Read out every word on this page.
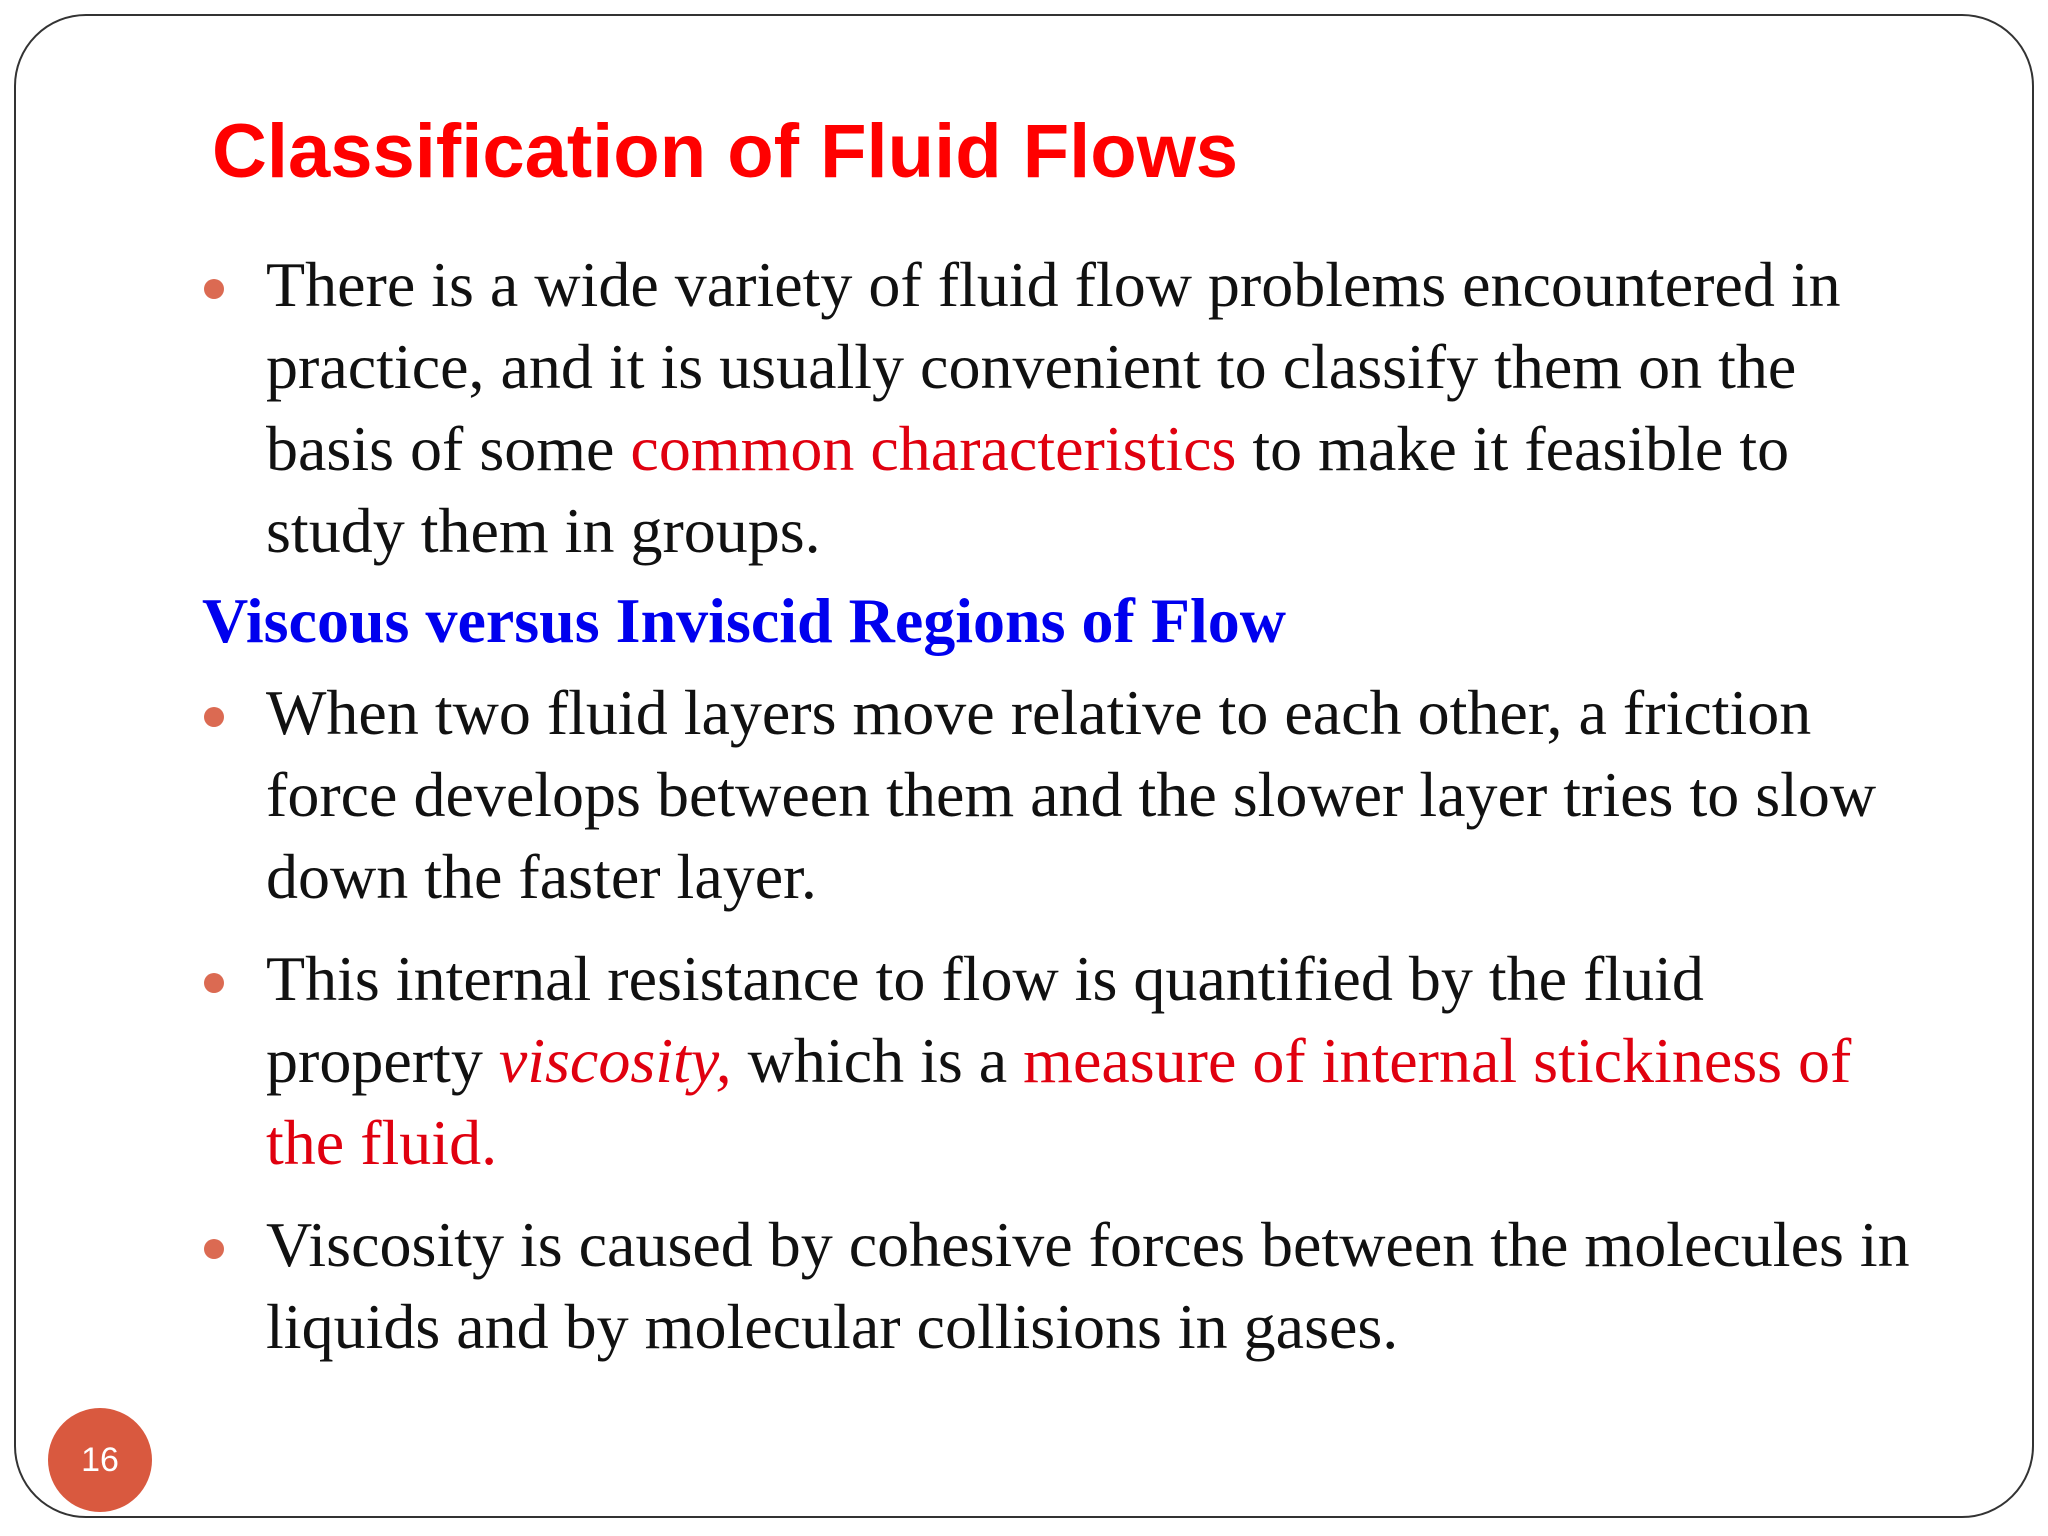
Classification of Fluid Flows
There is a wide variety of fluid flow problems encountered in practice, and it is usually convenient to classify them on the basis of some common characteristics to make it feasible to study them in groups.
Viscous versus Inviscid Regions of Flow
When two fluid layers move relative to each other, a friction force develops between them and the slower layer tries to slow down the faster layer.
This internal resistance to flow is quantified by the fluid property viscosity, which is a measure of internal stickiness of the fluid.
Viscosity is caused by cohesive forces between the molecules in liquids and by molecular collisions in gases.
16
